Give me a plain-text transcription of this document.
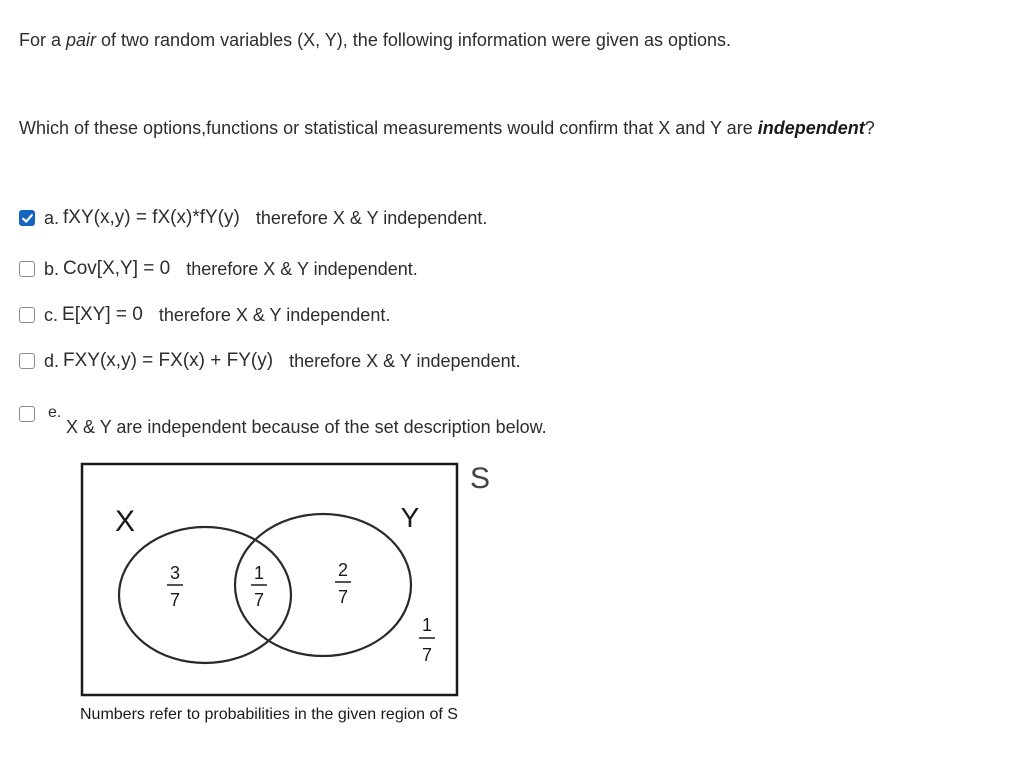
For a pair of two random variables (X, Y), the following information were given as options.
Which of these options,functions or statistical measurements would confirm that X and Y are independent?
a. fXY(x,y) = fX(x)*fY(y) therefore X & Y independent.
b. Cov[X,Y] = 0 therefore X & Y independent.
c. E[XY] = 0 therefore X & Y independent.
d. FXY(x,y) = FX(x) + FY(y) therefore X & Y independent.
e.
X & Y are independent because of the set description below.
S
X	Y
3
7
1
7
2
7
1
7
Numbers refer to probabilities in the given region of S
